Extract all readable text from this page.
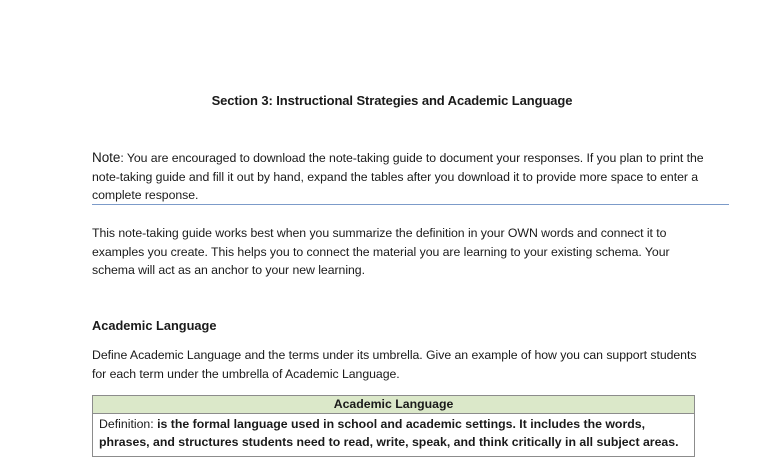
Section 3: Instructional Strategies and Academic Language
Note: You are encouraged to download the note-taking guide to document your responses. If you plan to print the note-taking guide and fill it out by hand, expand the tables after you download it to provide more space to enter a complete response.
This note-taking guide works best when you summarize the definition in your OWN words and connect it to examples you create. This helps you to connect the material you are learning to your existing schema. Your schema will act as an anchor to your new learning.
Academic Language
Define Academic Language and the terms under its umbrella. Give an example of how you can support students for each term under the umbrella of Academic Language.
Academic Language
Definition: is the formal language used in school and academic settings. It includes the words, phrases, and structures students need to read, write, speak, and think critically in all subject areas.
